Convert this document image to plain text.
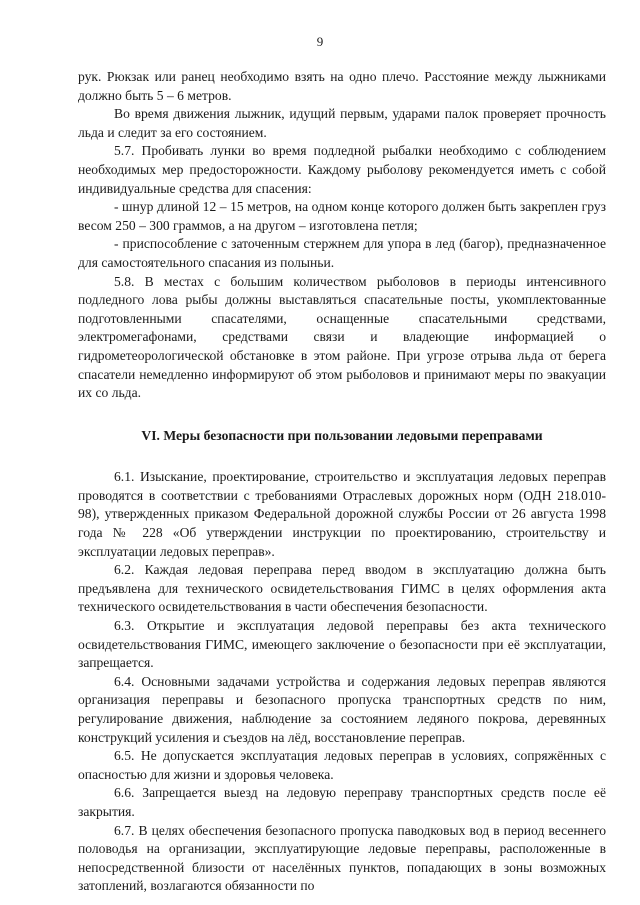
9

рук. Рюкзак или ранец необходимо взять на одно плечо. Расстояние между лыжниками должно быть 5 – 6 метров.

Во время движения лыжник, идущий первым, ударами палок проверяет прочность льда и следит за его состоянием.

5.7. Пробивать лунки во время подледной рыбалки необходимо с соблюдением необходимых мер предосторожности. Каждому рыболову рекомендуется иметь с собой индивидуальные средства для спасения:

- шнур длиной 12 – 15 метров, на одном конце которого должен быть закреплен груз весом 250 – 300 граммов, а на другом – изготовлена петля;

- приспособление с заточенным стержнем для упора в лед (багор), предназначенное для самостоятельного спасания из полыньи.

5.8. В местах с большим количеством рыболовов в периоды интенсивного подледного лова рыбы должны выставляться спасательные посты, укомплектованные подготовленными спасателями, оснащенные спасательными средствами, электромегафонами, средствами связи и владеющие информацией о гидрометеорологической обстановке в этом районе. При угрозе отрыва льда от берега спасатели немедленно информируют об этом рыболовов и принимают меры по эвакуации их со льда.

VI. Меры безопасности при пользовании ледовыми переправами

6.1. Изыскание, проектирование, строительство и эксплуатация ледовых переправ проводятся в соответствии с требованиями Отраслевых дорожных норм (ОДН 218.010-98), утвержденных приказом Федеральной дорожной службы России от 26 августа 1998 года № 228 «Об утверждении инструкции по проектированию, строительству и эксплуатации ледовых переправ».

6.2. Каждая ледовая переправа перед вводом в эксплуатацию должна быть предъявлена для технического освидетельствования ГИМС в целях оформления акта технического освидетельствования в части обеспечения безопасности.

6.3. Открытие и эксплуатация ледовой переправы без акта технического освидетельствования ГИМС, имеющего заключение о безопасности при её эксплуатации, запрещается.

6.4. Основными задачами устройства и содержания ледовых переправ являются организация переправы и безопасного пропуска транспортных средств по ним, регулирование движения, наблюдение за состоянием ледяного покрова, деревянных конструкций усиления и съездов на лёд, восстановление переправ.

6.5. Не допускается эксплуатация ледовых переправ в условиях, сопряжённых с опасностью для жизни и здоровья человека.

6.6. Запрещается выезд на ледовую переправу транспортных средств после её закрытия.

6.7. В целях обеспечения безопасного пропуска паводковых вод в период весеннего половодья на организации, эксплуатирующие ледовые переправы, расположенные в непосредственной близости от населённых пунктов, попадающих в зоны возможных затоплений, возлагаются обязанности по
